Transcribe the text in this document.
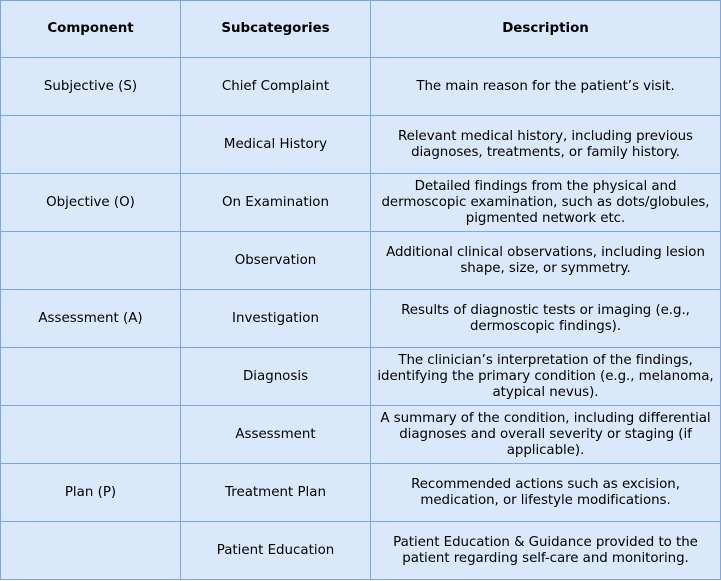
Component	Subcategories	Description
Subjective (S)	Chief Complaint	The main reason for the patient’s visit.
	Medical History	Relevant medical history, including previous diagnoses, treatments, or family history.
Objective (O)	On Examination	Detailed findings from the physical and dermoscopic examination, such as dots/globules, pigmented network etc.
	Observation	Additional clinical observations, including lesion shape, size, or symmetry.
Assessment (A)	Investigation	Results of diagnostic tests or imaging (e.g., dermoscopic findings).
	Diagnosis	The clinician’s interpretation of the findings, identifying the primary condition (e.g., melanoma, atypical nevus).
	Assessment	A summary of the condition, including differential diagnoses and overall severity or staging (if applicable).
Plan (P)	Treatment Plan	Recommended actions such as excision, medication, or lifestyle modifications.
	Patient Education	Patient Education & Guidance provided to the patient regarding self-care and monitoring.
